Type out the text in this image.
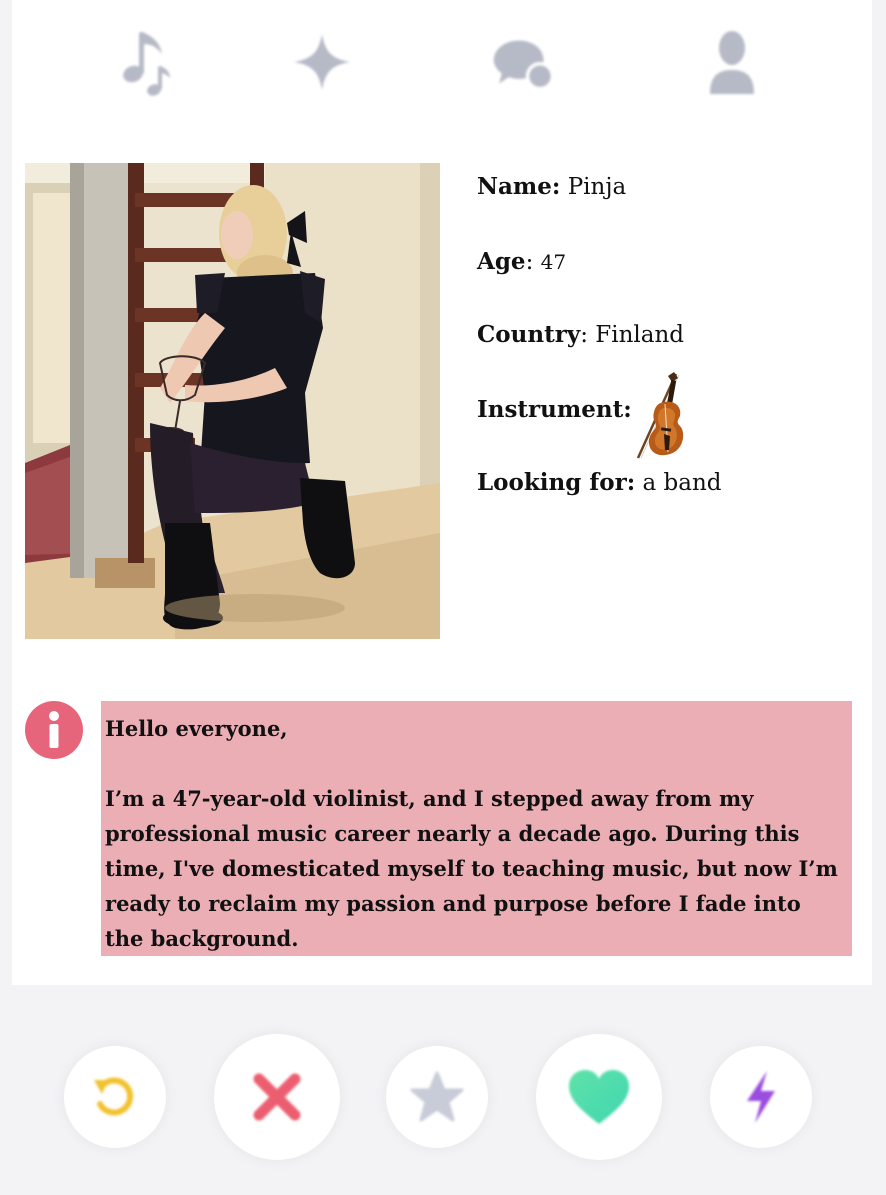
Name: Pinja
Age: 47
Country: Finland
Instrument:
Looking for: a band

Hello everyone,

I’m a 47-year-old violinist, and I stepped away from my professional music career nearly a decade ago. During this time, I've domesticated myself to teaching music, but now I’m ready to reclaim my passion and purpose before I fade into the background.
